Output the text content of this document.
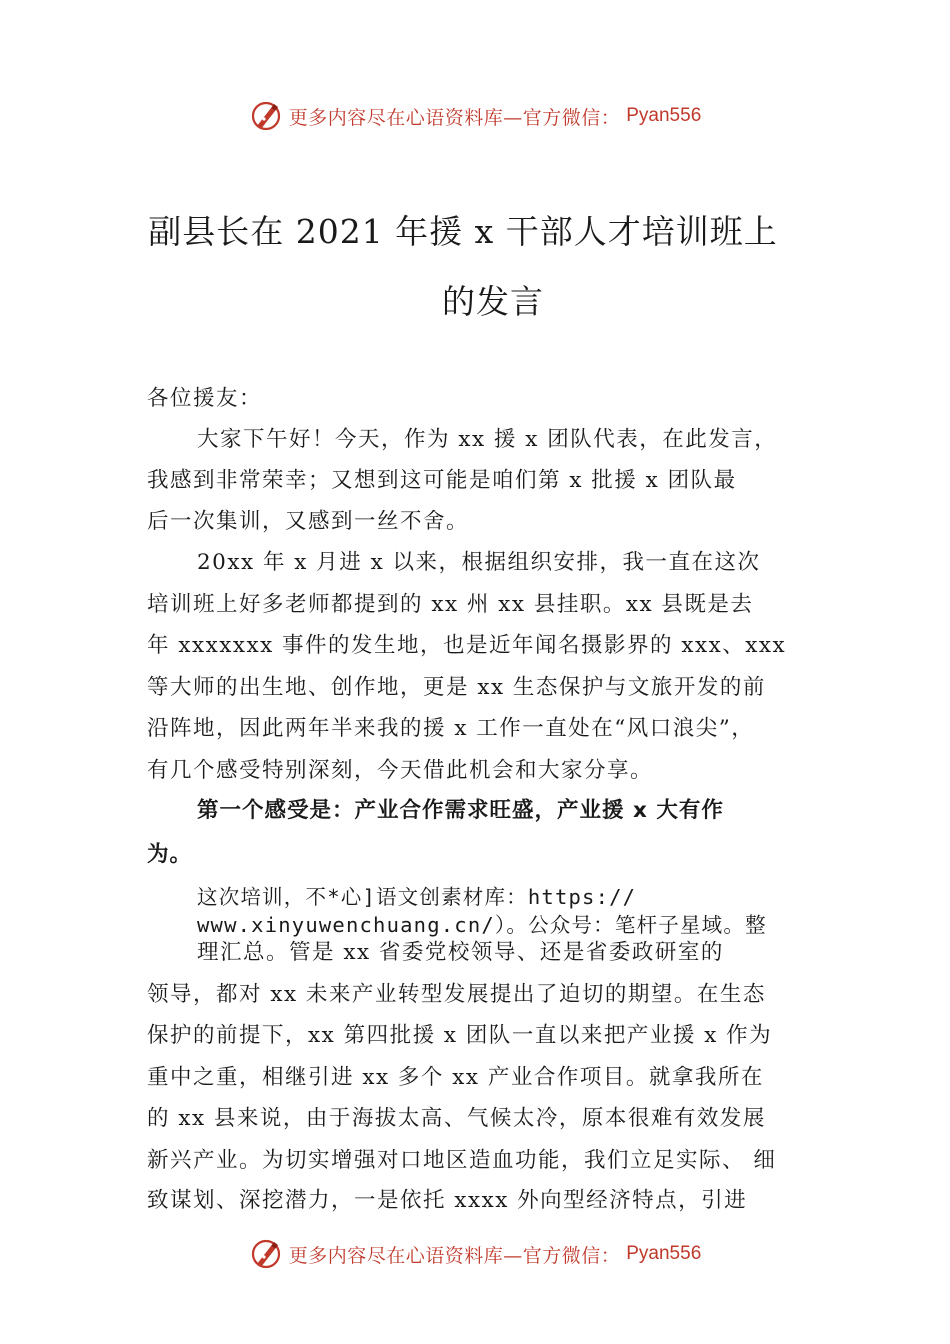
更多内容尽在心语资料库—官方微信： Pyan556
副县长在 2021 年援 x 干部人才培训班上
的发言
各位援友：
大家下午好！今天，作为 xx 援 x 团队代表，在此发言，
我感到非常荣幸；又想到这可能是咱们第 x 批援 x 团队最
后一次集训，又感到一丝不舍。
20xx 年 x 月进 x 以来，根据组织安排，我一直在这次
培训班上好多老师都提到的 xx 州 xx 县挂职。xx 县既是去
年 xxxxxxx 事件的发生地，也是近年闻名摄影界的 xxx、xxx
等大师的出生地、创作地，更是 xx 生态保护与文旅开发的前
沿阵地，因此两年半来我的援 x 工作一直处在“风口浪尖”，
有几个感受特别深刻，今天借此机会和大家分享。
第一个感受是：产业合作需求旺盛，产业援 x 大有作
为。
这次培训，不*心]语文创素材库：https://
www.xinyuwenchuang.cn/）。公众号：笔杆子星域。整
理汇总。管是 xx 省委党校领导、还是省委政研室的
领导，都对 xx 未来产业转型发展提出了迫切的期望。在生态
保护的前提下，xx 第四批援 x 团队一直以来把产业援 x 作为
重中之重，相继引进 xx 多个 xx 产业合作项目。就拿我所在
的 xx 县来说，由于海拔太高、气候太冷，原本很难有效发展
新兴产业。为切实增强对口地区造血功能，我们立足实际、 细
致谋划、深挖潜力，一是依托 xxxx 外向型经济特点，引进
更多内容尽在心语资料库—官方微信： Pyan556
